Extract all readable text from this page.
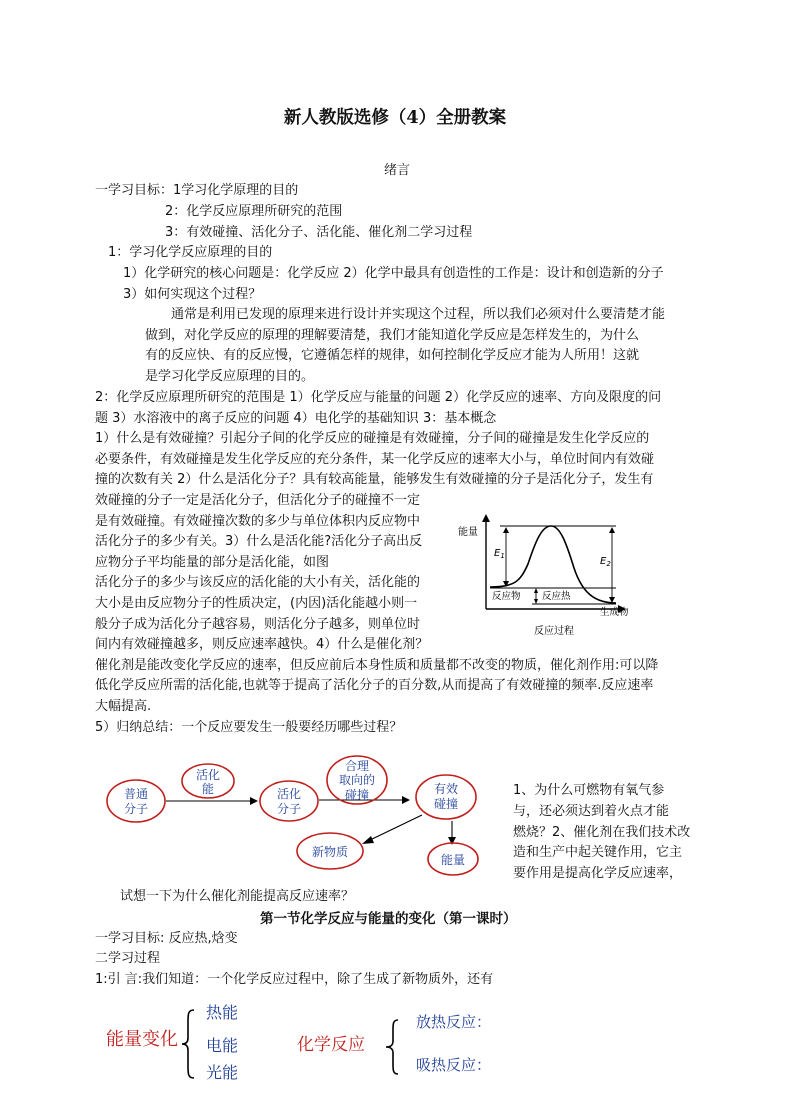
新人教版选修（4）全册教案
绪言
一学习目标：1学习化学原理的目的
2：化学反应原理所研究的范围
3：有效碰撞、活化分子、活化能、催化剂二学习过程
1：学习化学反应原理的目的
1）化学研究的核心问题是：化学反应 2）化学中最具有创造性的工作是：设计和创造新的分子
3）如何实现这个过程？
通常是利用已发现的原理来进行设计并实现这个过程，所以我们必须对什么要清楚才能
做到，对化学反应的原理的理解要清楚，我们才能知道化学反应是怎样发生的，为什么
有的反应快、有的反应慢，它遵循怎样的规律，如何控制化学反应才能为人所用！这就
是学习化学反应原理的目的。
2：化学反应原理所研究的范围是 1）化学反应与能量的问题 2）化学反应的速率、方向及限度的问
题 3）水溶液中的离子反应的问题 4）电化学的基础知识 3：基本概念
1）什么是有效碰撞？引起分子间的化学反应的碰撞是有效碰撞，分子间的碰撞是发生化学反应的
必要条件，有效碰撞是发生化学反应的充分条件，某一化学反应的速率大小与，单位时间内有效碰
撞的次数有关 2）什么是活化分子？具有较高能量，能够发生有效碰撞的分子是活化分子，发生有
效碰撞的分子一定是活化分子，但活化分子的碰撞不一定
是有效碰撞。有效碰撞次数的多少与单位体积内反应物中
活化分子的多少有关。3）什么是活化能?活化分子高出反
应物分子平均能量的部分是活化能，如图
活化分子的多少与该反应的活化能的大小有关，活化能的
大小是由反应物分子的性质决定，(内因)活化能越小则一
般分子成为活化分子越容易，则活化分子越多，则单位时
间内有效碰撞越多，则反应速率越快。4）什么是催化剂？
催化剂是能改变化学反应的速率，但反应前后本身性质和质量都不改变的物质，催化剂作用:可以降
低化学反应所需的活化能,也就等于提高了活化分子的百分数,从而提高了有效碰撞的频率.反应速率
大幅提高.
5）归纳总结：一个反应要发生一般要经历哪些过程？
能量
$E_1$	$E_2$
反应物 反应热
生成物
反应过程
普通
分子
活化
能	活化
分子
合理
取向的
碰撞	有效
碰撞
新物质
能量
1、为什么可燃物有氧气参
与，还必须达到着火点才能
燃烧？2、催化剂在我们技术改
造和生产中起关键作用，它主
要作用是提高化学反应速率，
试想一下为什么催化剂能提高反应速率？
第一节化学反应与能量的变化（第一课时）
一学习目标: 反应热,焓变
二学习过程
1:引 言:我们知道：一个化学反应过程中，除了生成了新物质外，还有
能量变化
热能
电能
光能
化学反应
放热反应：
吸热反应：
